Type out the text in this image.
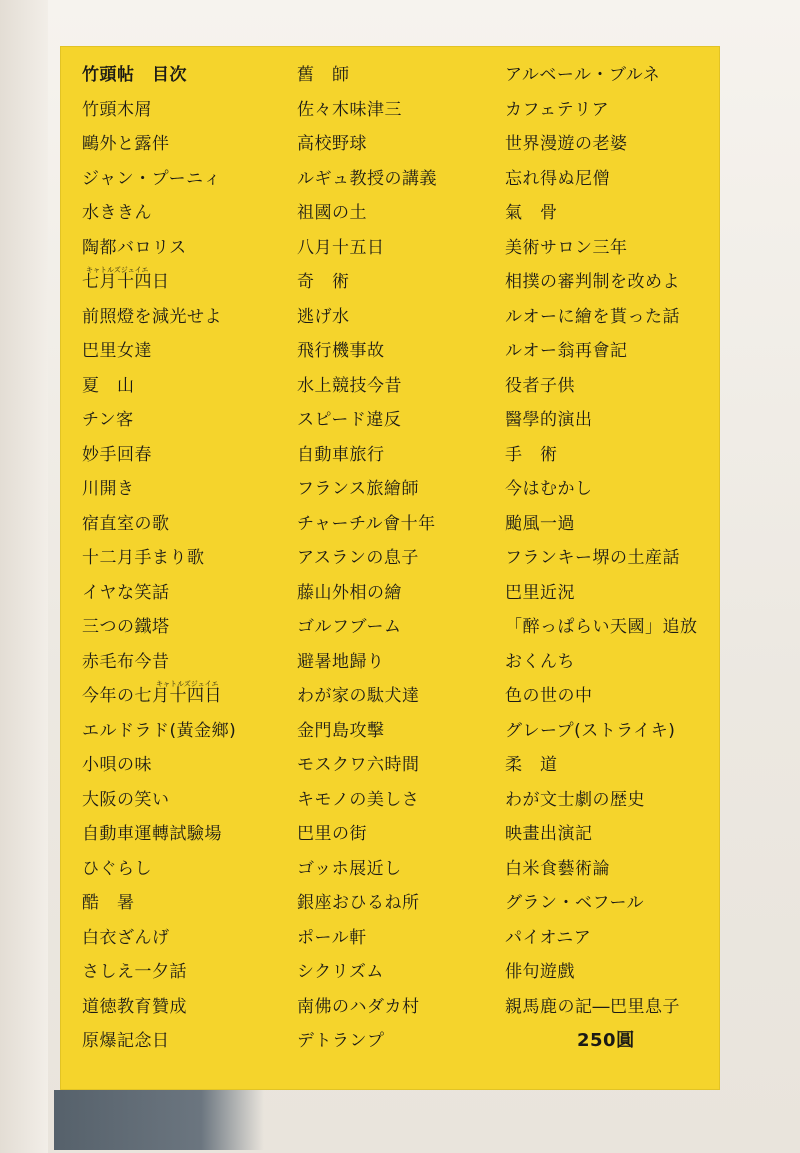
竹頭帖　目次
竹頭木屑
鷗外と露伴
ジャン・プーニィ
水ききん
陶都バロリス
キャトルズジュイエ
七月十四日
前照燈を減光せよ
巴里女達
夏　山
チン客
妙手回春
川開き
宿直室の歌
十二月手まり歌
イヤな笑話
三つの鐵塔
赤毛布今昔
キャトルズジュイエ
今年の七月十四日
エルドラド(黃金鄉)
小唄の味
大阪の笑い
自動車運轉試驗場
ひぐらし
酷　暑
白衣ざんげ
さしえ一夕話
道徳教育贊成
原爆記念日
舊　師
佐々木味津三
高校野球
ルギュ教授の講義
祖國の土
八月十五日
奇　術
逃げ水
飛行機事故
水上競技今昔
スピード違反
自動車旅行
フランス旅繪師
チャーチル會十年
アスランの息子
藤山外相の繪
ゴルフブーム
避暑地歸り
わが家の駄犬達
金門島攻擊
モスクワ六時間
キモノの美しさ
巴里の街
ゴッホ展近し
銀座おひるね所
ポール軒
シクリズム
南佛のハダカ村
デトランプ
アルベール・ブルネ
カフェテリア
世界漫遊の老婆
忘れ得ぬ尼僧
氣　骨
美術サロン三年
相撲の審判制を改めよ
ルオーに繪を貰った話
ルオー翁再會記
役者子供
醫學的演出
手　術
今はむかし
颱風一過
フランキー堺の土産話
巴里近況
「醉っぱらい天國」追放
おくんち
色の世の中
グレープ(ストライキ)
柔　道
わが文士劇の歴史
映畫出演記
白米食藝術論
グラン・ベフール
パイオニア
俳句遊戲
親馬鹿の記―巴里息子
250圓
